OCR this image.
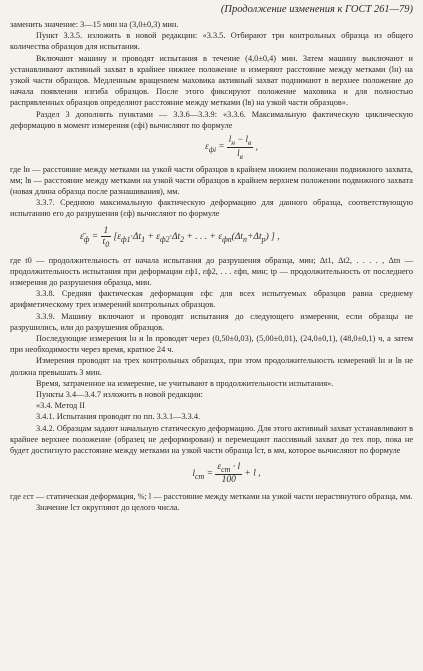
(Продолжение изменения к ГОСТ 261—79)

заменить значение: 3—15 мин на (3,0±0,3) мин.

Пункт 3.3.5. изложить в новой редакции: «3.3.5. Отбирают три контрольных образца из общего количества образцов для испытания.

Включают машину и проводят испытания в течение (4,0±0,4) мин. Затем машину выключают и устанавливают активный захват в крайнее нижнее положение и измеряют расстояние между метками (lн) на узкой части образцов. Медленным вращением маховика активный захват поднимают в верхнее положение до начала появления изгиба образцов. После этого фиксируют положение маховика и для полностью распрявленных образцов определяют расстояние между метками (lв) на узкой части образцов».

Раздел 3 дополнить пунктами — 3.3.6—3.3.9: «3.3.6. Максимальную фактическую циклическую деформацию в момент измерения (εфi) вычисляют по формуле

$\varepsilon_{фi} = \frac{l_н - l_в}{l_в}$ ,

где lн — расстояние между метками на узкой части образцов в крайнем нижнем положении подвижного захвата, мм; lв — расстояние между метками на узкой части образцов в крайнем верхнем положении подвижного захвата (новая длина образца после разнашивания), мм.

3.3.7. Среднюю максимальную фактическую деформацию для данного образца, соответствующую испытанию его до разрушения (εф) вычисляют по формуле

$\varepsilon̄_ф = \frac{1}{t_0} [\varepsilon_{ф1}\cdot\Delta t_1 + \varepsilon_{ф2}\cdot\Delta t_2$ + . . . + $\varepsilon_{фn}(\Delta t_n+\Delta t_р)$ ] ,

где t0 — продолжительность от начала испытания до разрушения образца, мин; Δt1, Δt2, . . . . , Δtn — продолжительность испытания при деформации εф1, εф2, . . . εфn, мин; tр — продолжительность от последнего измерения до разрушения образца, мин.

3.3.8. Средняя фактическая деформация εфс для всех испытуемых образцов равна среднему арифметическому трех измерений контрольных образцов.

3.3.9. Машину включают и проводят испытания до следующего измерения, если образцы не разрушились, или до разрушения образцов.

Последующие измерения lн и lв проводят через (0,50±0,03), (5,00±0,01), (24,0±0,1), (48,0±0,1) ч, а затем при необходимости через время, кратное 24 ч.

Измерения проводят на трех контрольных образцах, при этом продолжительность измерений lн и lв не должна превышать 3 мин.

Время, затраченное на измерение, не учитывают в продолжительности испытания».

Пункты 3.4—3.4.7 изложить в новой редакции:

«3.4. Метод II

3.4.1. Испытания проводят по пп. 3.3.1—3.3.4.

3.4.2. Образцам задают начальную статическую деформацию. Для этого активный захват устанавливают в крайнее верхнее положение (образец не деформирован) и перемещают пассивный захват до тех пор, пока не будет достигнуто расстояние между метками на узкой части образца lст, в мм, которое вычисляют по формуле

$l_{ст} = \frac{\varepsilon_{ст} \cdot l}{100} + l$ ,

где εст — статическая деформация, %; l — расстояние между метками на узкой части нерастянутого образца, мм.

Значение lст округляют до целого числа.
